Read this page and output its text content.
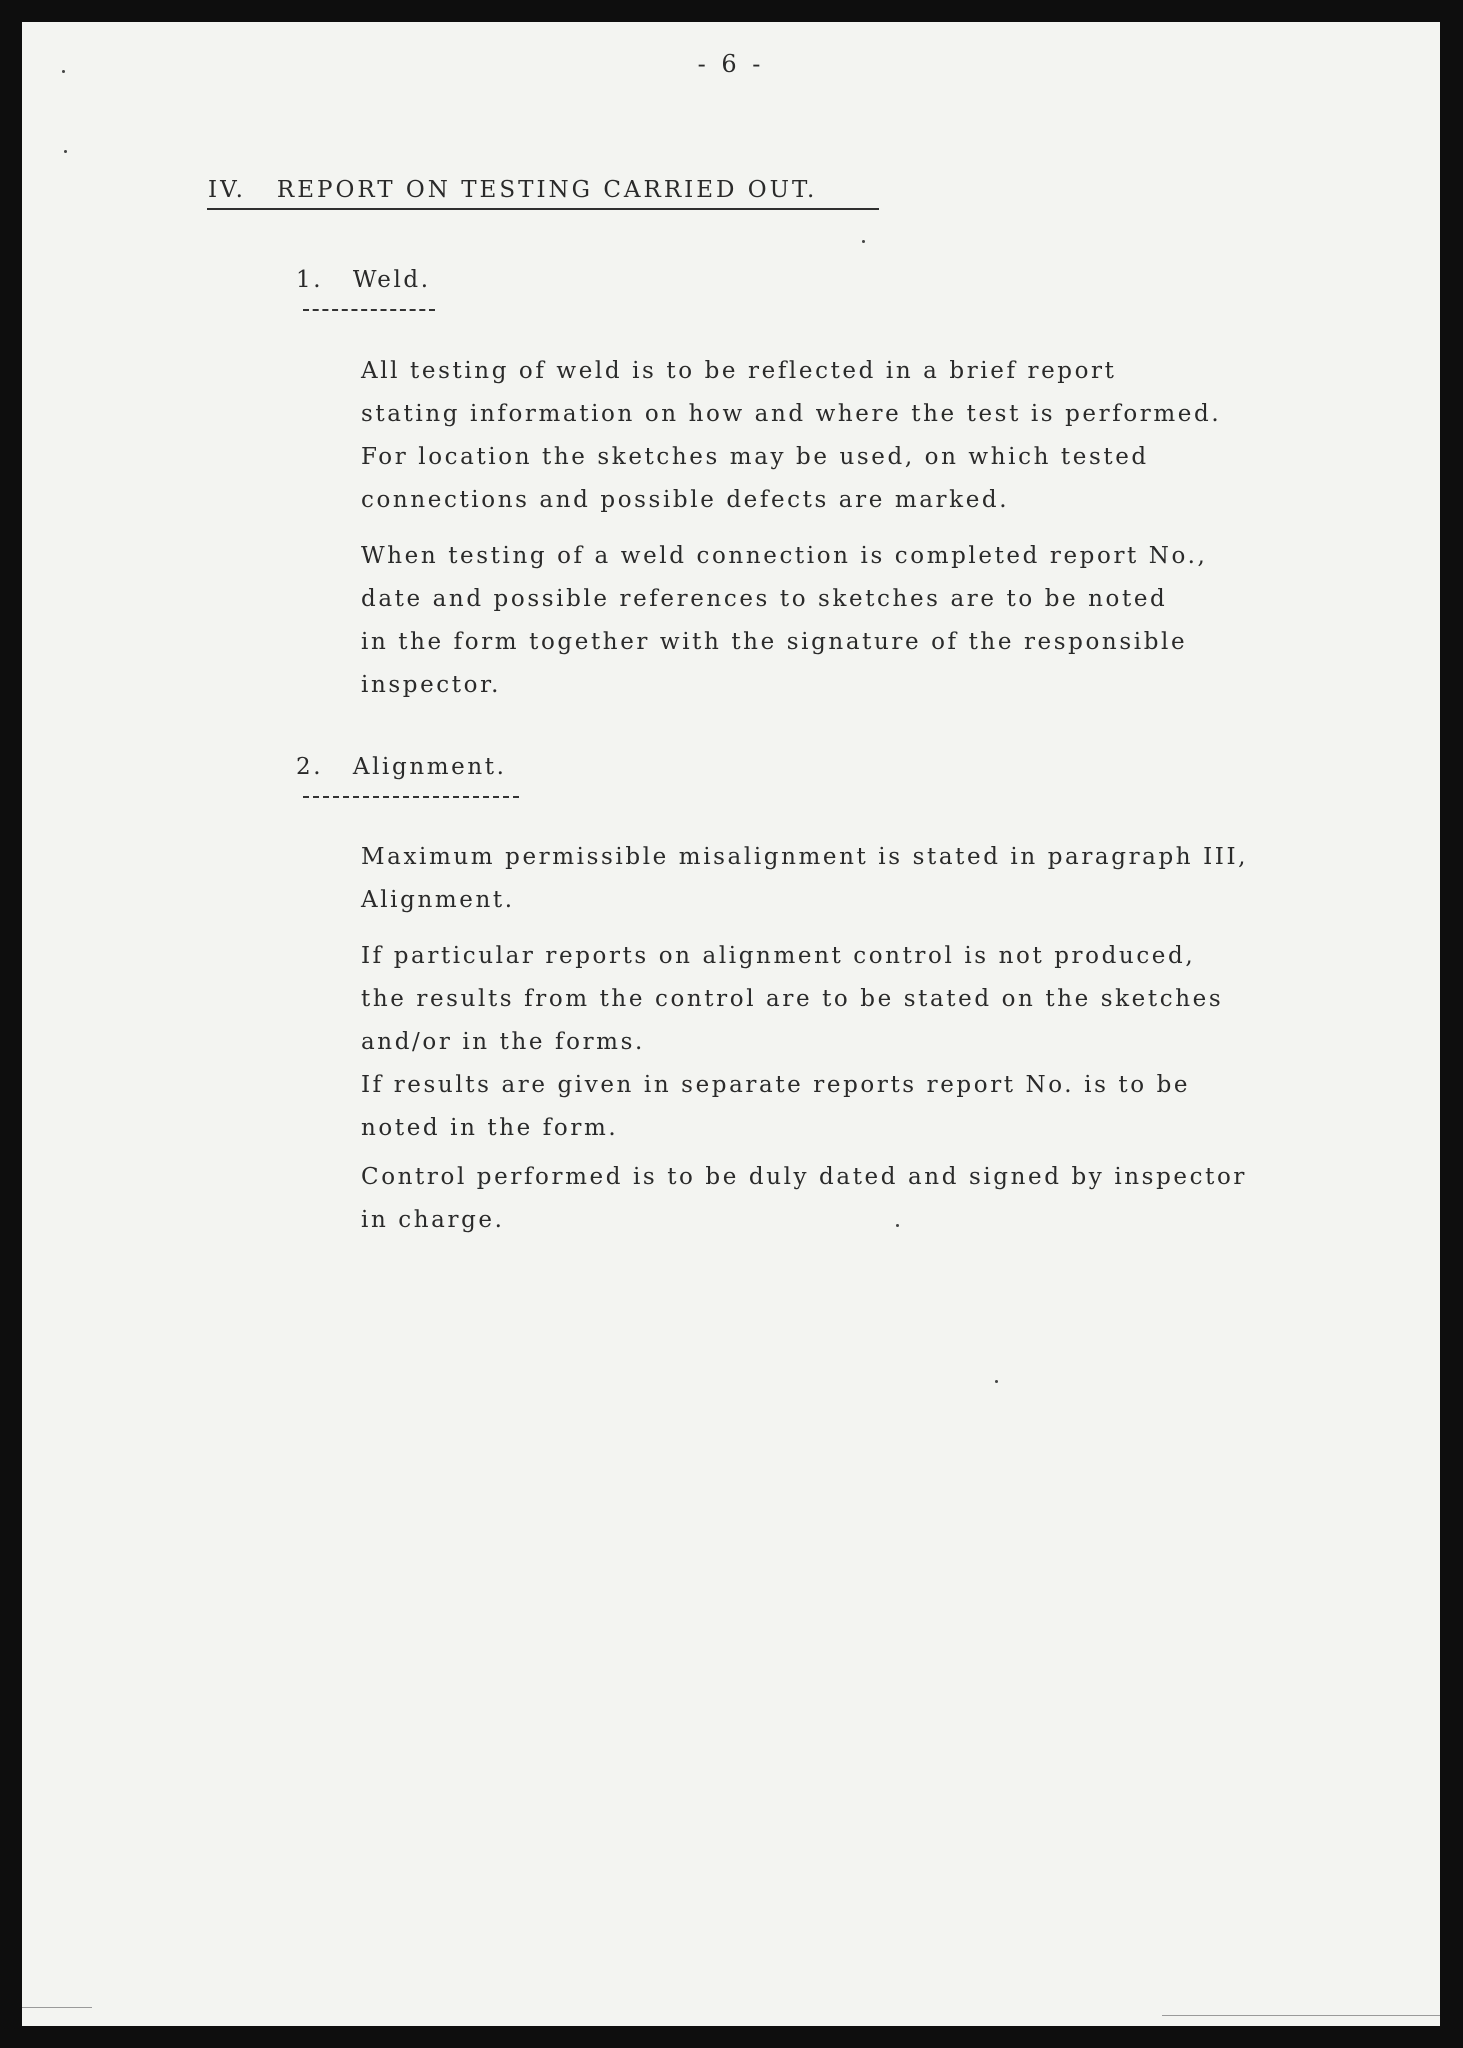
- 6 -
IV.   REPORT ON TESTING CARRIED OUT.
1.   Weld.

All testing of weld is to be reflected in a brief report
stating information on how and where the test is performed.
For location the sketches may be used, on which tested
connections and possible defects are marked.

When testing of a weld connection is completed report No.,
date and possible references to sketches are to be noted
in the form together with the signature of the responsible
inspector.

2.   Alignment.

Maximum permissible misalignment is stated in paragraph III,
Alignment.

If particular reports on alignment control is not produced,
the results from the control are to be stated on the sketches
and/or in the forms.

If results are given in separate reports report No. is to be
noted in the form.

Control performed is to be duly dated and signed by inspector
in charge.
